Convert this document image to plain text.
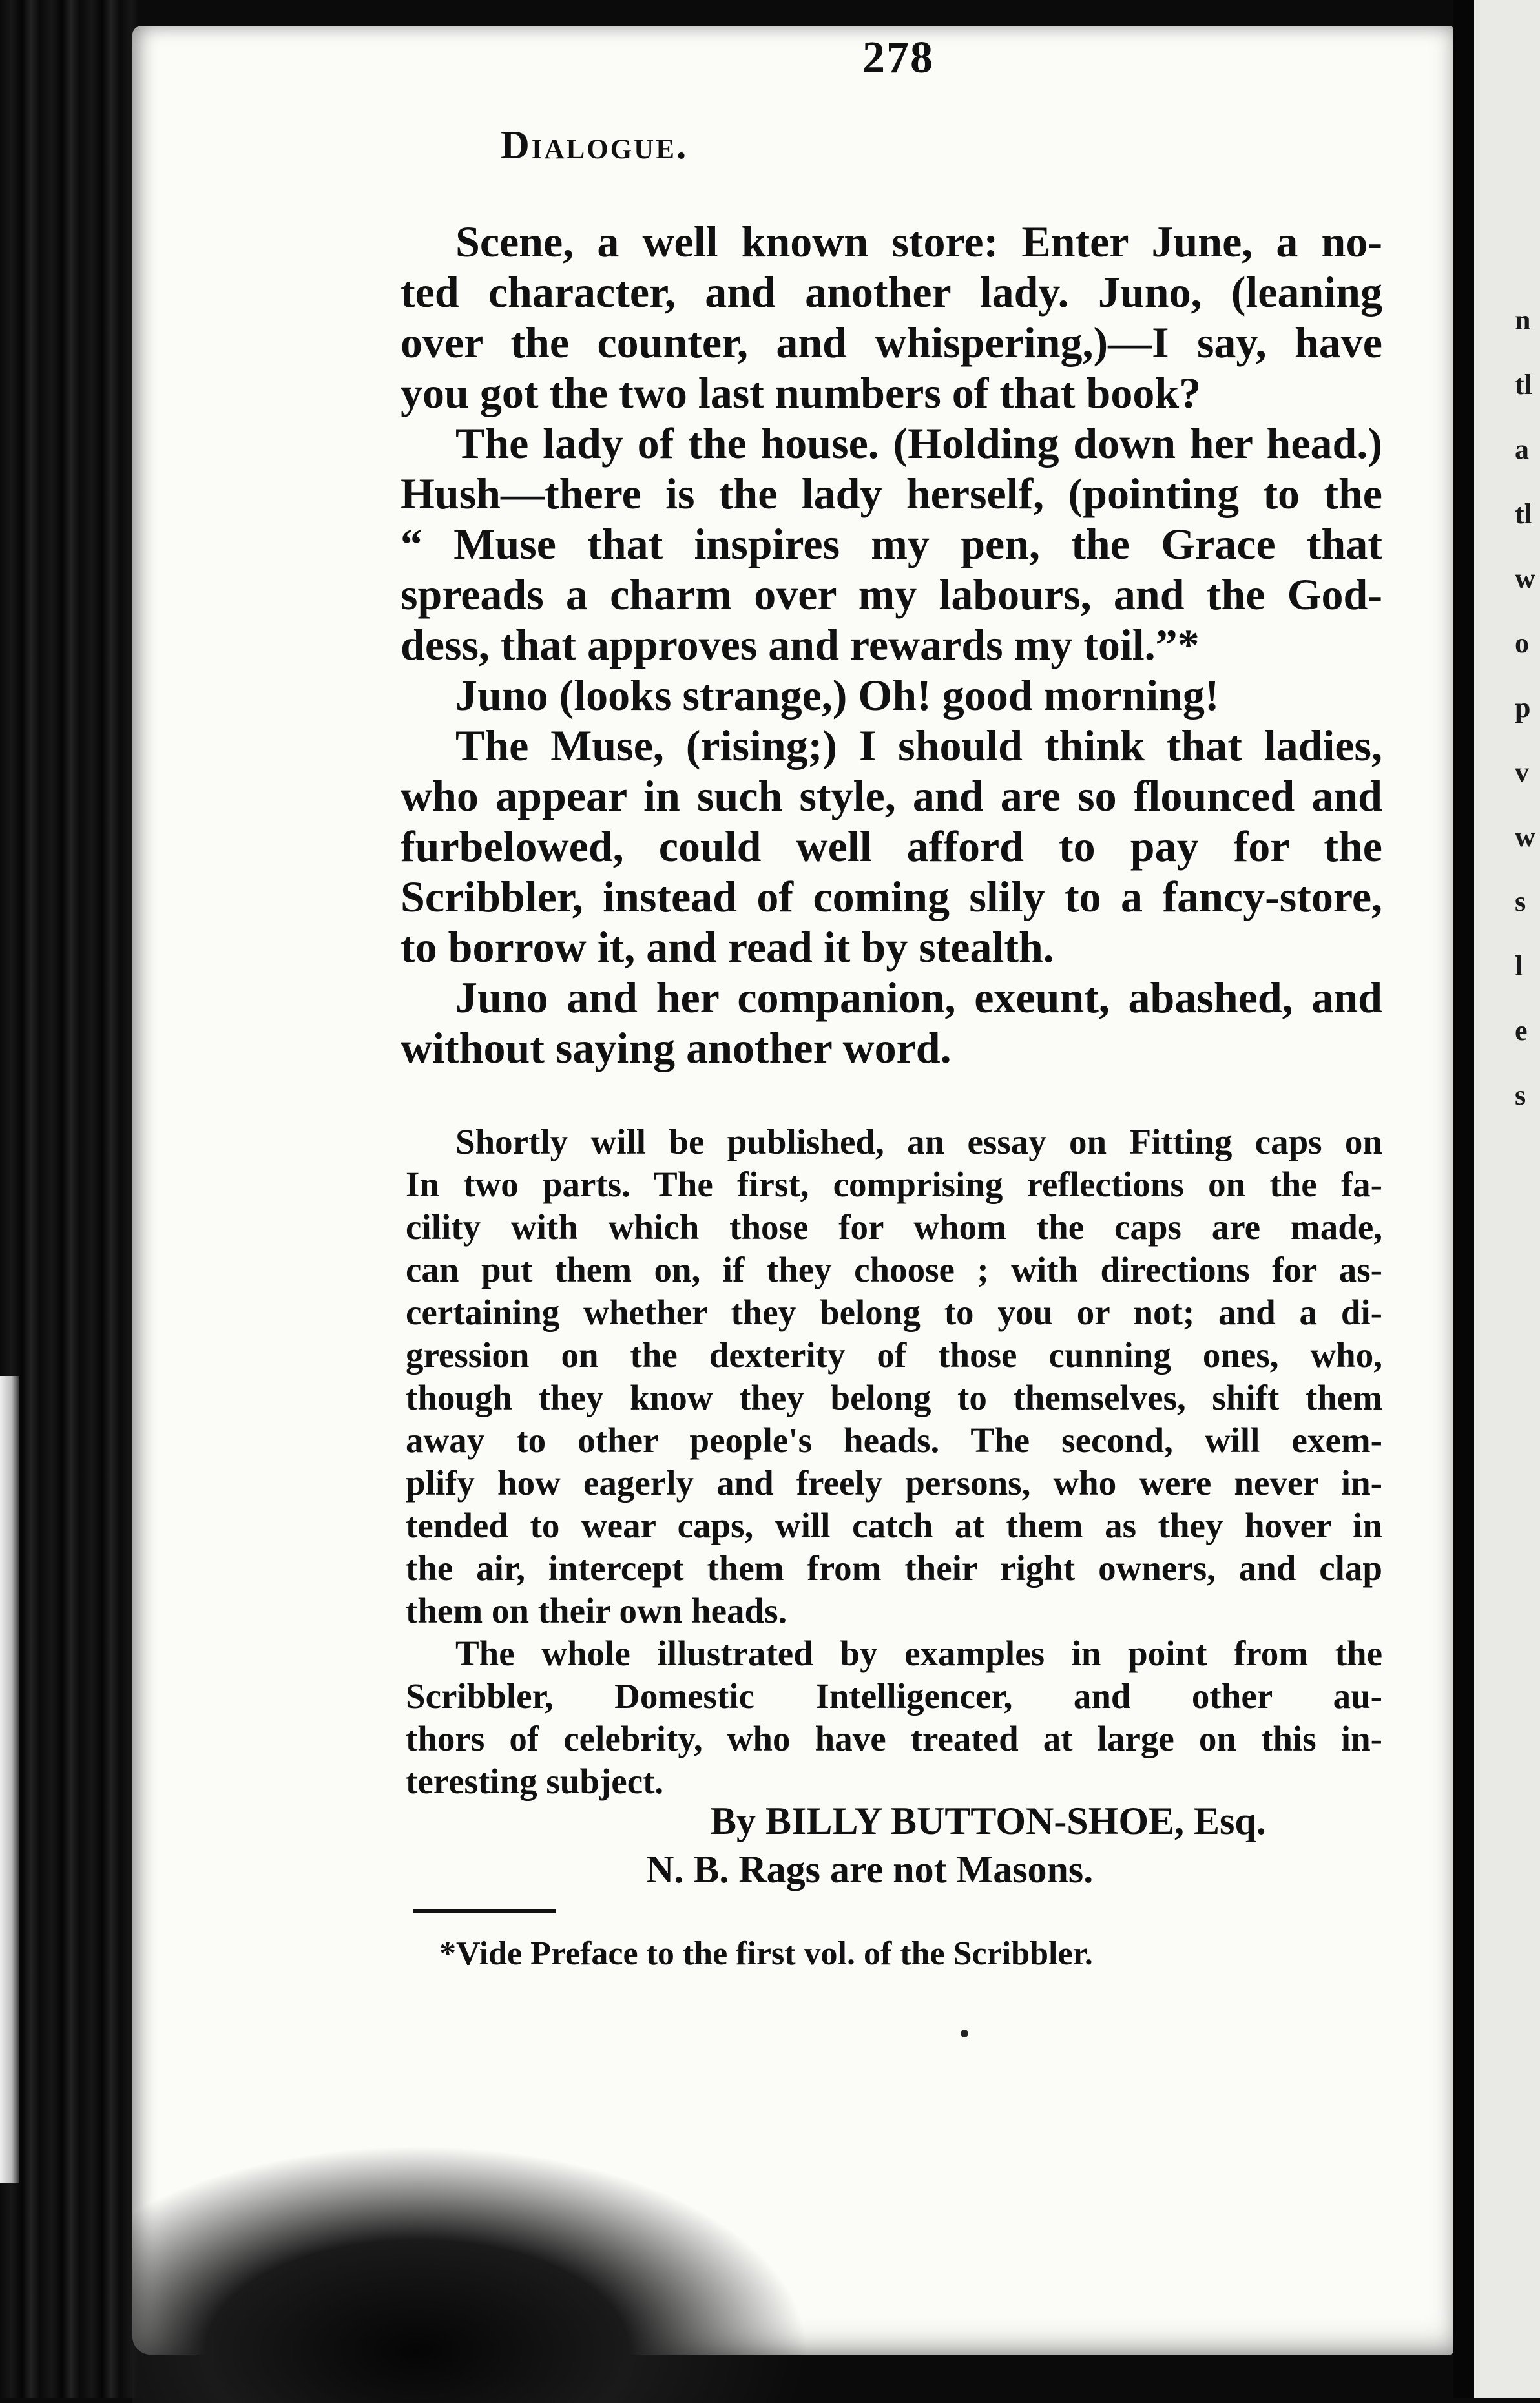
278
Dialogue.
Scene, a well known store: Enter June, a no-
ted character, and another lady. Juno, (leaning
over the counter, and whispering,)—I say, have
you got the two last numbers of that book?
The lady of the house. (Holding down her head.)
Hush—there is the lady herself, (pointing to the
“ Muse that inspires my pen, the Grace that
spreads a charm over my labours, and the God-
dess, that approves and rewards my toil.”*
Juno (looks strange,) Oh! good morning!
The Muse, (rising;) I should think that ladies,
who appear in such style, and are so flounced and
furbelowed, could well afford to pay for the
Scribbler, instead of coming slily to a fancy-store,
to borrow it, and read it by stealth.
Juno and her companion, exeunt, abashed, and
without saying another word.
Shortly will be published, an essay on Fitting caps on
In two parts. The first, comprising reflections on the fa-
cility with which those for whom the caps are made,
can put them on, if they choose ; with directions for as-
certaining whether they belong to you or not; and a di-
gression on the dexterity of those cunning ones, who,
though they know they belong to themselves, shift them
away to other people's heads. The second, will exem-
plify how eagerly and freely persons, who were never in-
tended to wear caps, will catch at them as they hover in
the air, intercept them from their right owners, and clap
them on their own heads.
The whole illustrated by examples in point from the
Scribbler, Domestic Intelligencer, and other au-
thors of celebrity, who have treated at large on this in-
teresting subject.
By BILLY BUTTON-SHOE, Esq.
N. B. Rags are not Masons.
*Vide Preface to the first vol. of the Scribbler.
n
tl
a
tl
w
o
p
v
w
s
l
e
s
